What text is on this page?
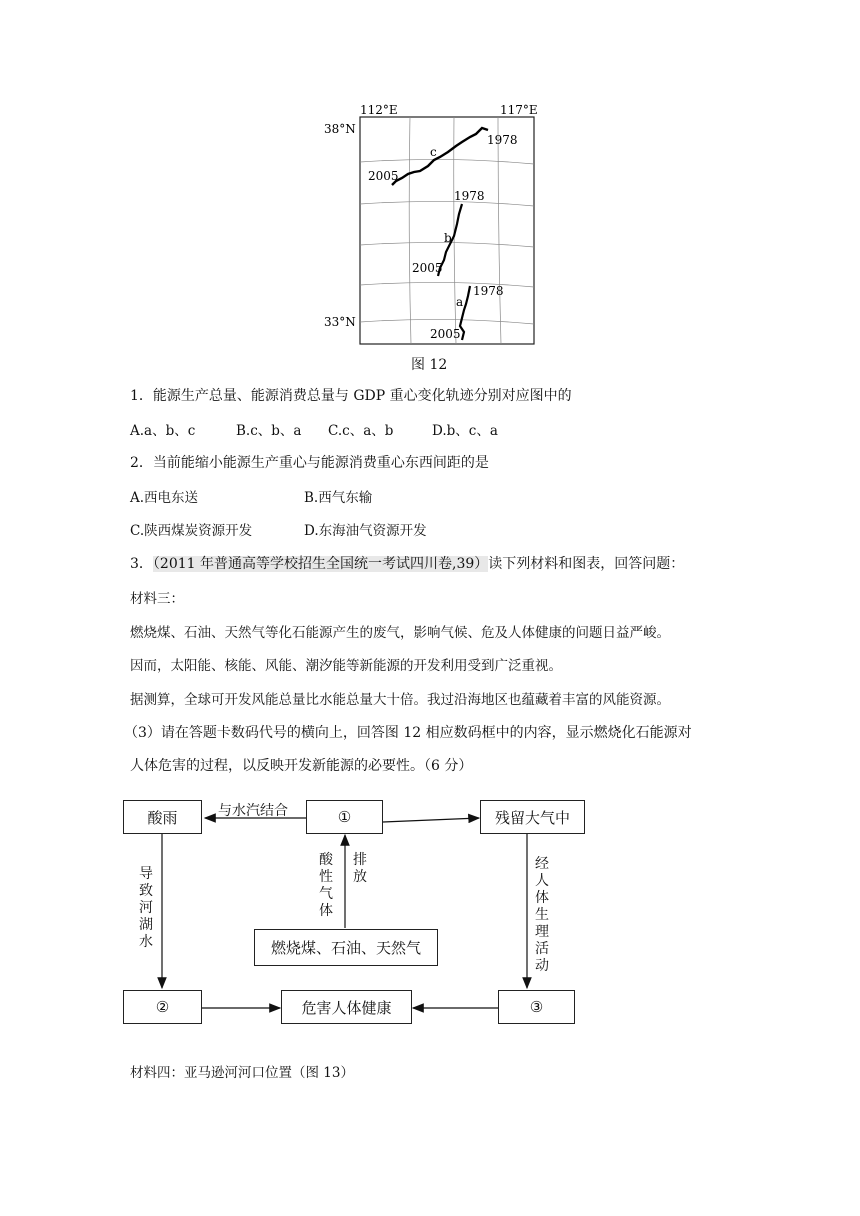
112°E	117°E
38°N
33°N
1978
c
2005
1978
b
2005
1978
a
2005
图 12
1．能源生产总量、能源消费总量与 GDP 重心变化轨迹分别对应图中的
A.a、b、c	B.c、b、a C.c、a、b	D.b、c、a
2．当前能缩小能源生产重心与能源消费重心东西间距的是
A.西电东送	B.西气东输
C.陕西煤炭资源开发	D.东海油气资源开发
3．（2011 年普通高等学校招生全国统一考试四川卷,39）读下列材料和图表，回答问题：
材料三：
燃烧煤、石油、天然气等化石能源产生的废气，影响气候、危及人体健康的问题日益严峻。
因而，太阳能、核能、风能、潮汐能等新能源的开发利用受到广泛重视。
据测算，全球可开发风能总量比水能总量大十倍。我过沿海地区也蕴藏着丰富的风能资源。
（3）请在答题卡数码代号的横向上，回答图 12 相应数码框中的内容，显示燃烧化石能源对
人体危害的过程，以反映开发新能源的必要性。（6 分）
酸雨	①	残留大气中
燃烧煤、石油、天然气
②	危害人体健康	③
与水汽结合
酸性气体
排放
导致河湖水
经人体生理活动
材料四：亚马逊河河口位置（图 13）
